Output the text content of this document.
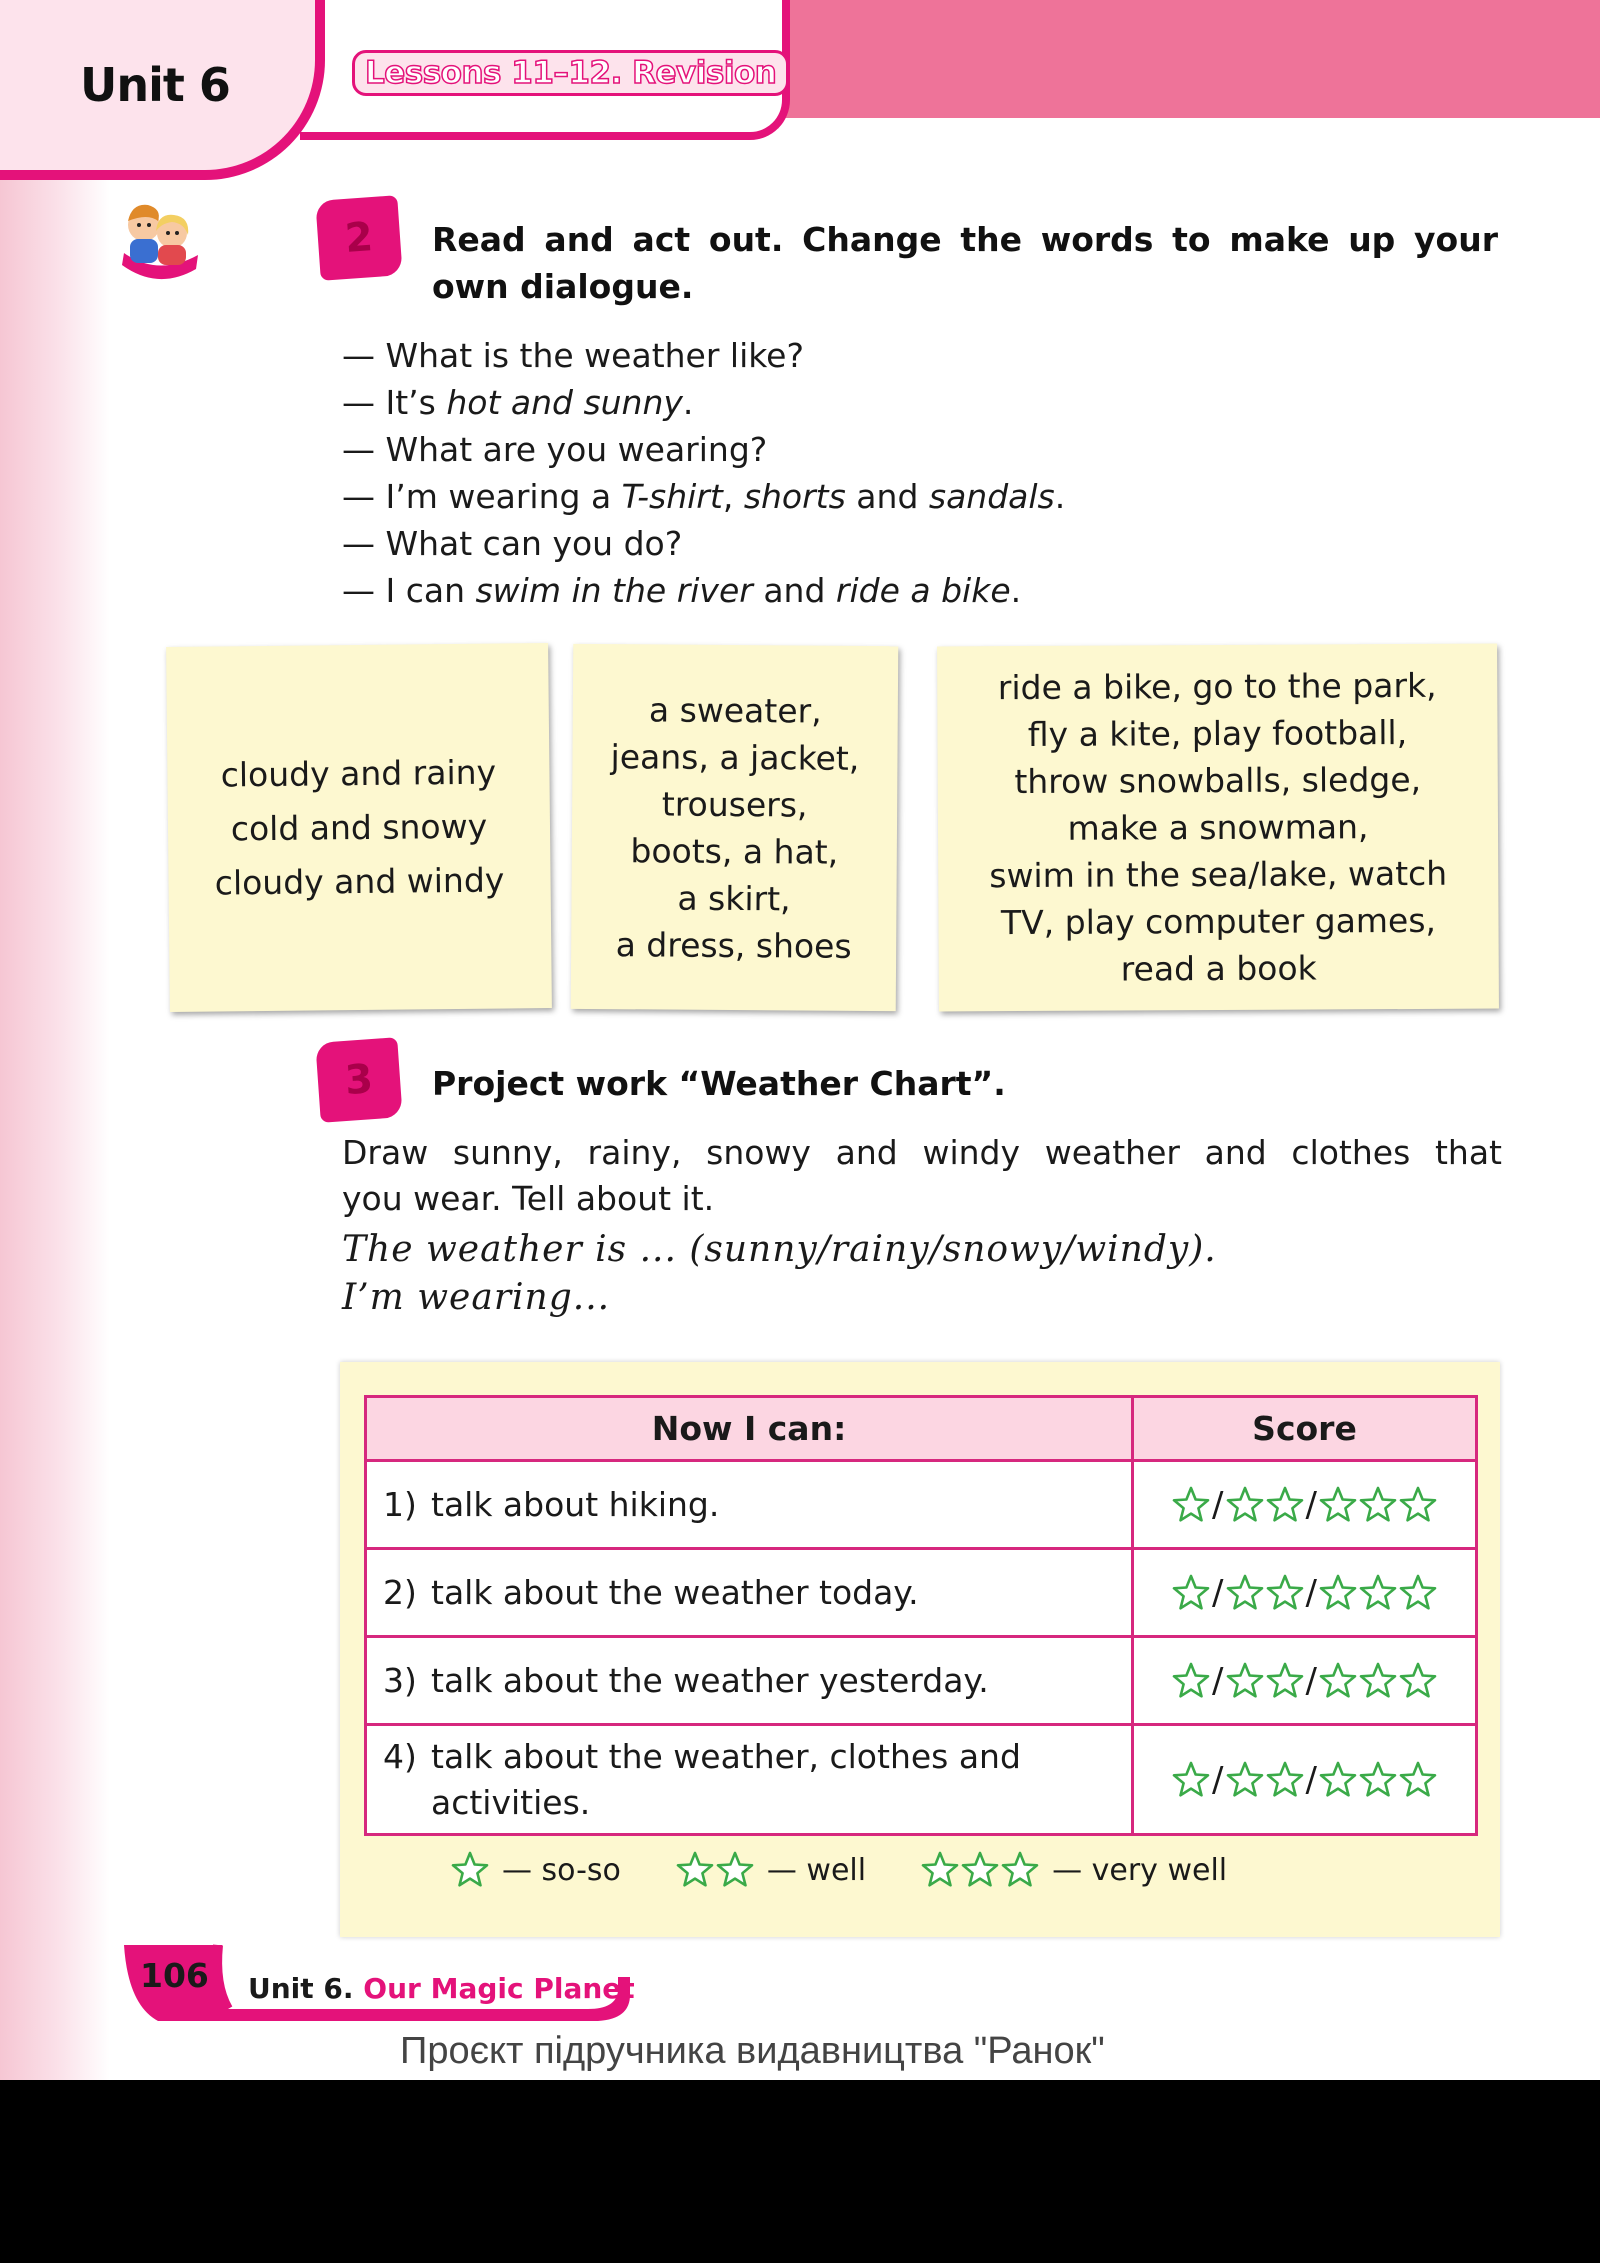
Unit 6	Lessons 11–12. Revision
2 Read and act out. Change the words to make up your
own dialogue.
— What is the weather like?
— It’s hot and sunny.
— What are you wearing?
— I’m wearing a T-shirt, shorts and sandals.
— What can you do?
— I can swim in the river and ride a bike.
cloudy and rainy
cold and snowy
cloudy and windy
a sweater,
jeans, a jacket,
trousers,
boots, a hat,
a skirt,
a dress, shoes
ride a bike, go to the park,
fly a kite, play football,
throw snowballs, sledge,
make a snowman,
swim in the sea/lake, watch
TV, play computer games,
read a book
3 Project work “Weather Chart”.
Draw sunny, rainy, snowy and windy weather and clothes that
you wear. Tell about it.
The weather is ... (sunny/rainy/snowy/windy).
I’m wearing...
Now I can:	Score

1) talk about hiking.	/ /

2) talk about the weather today.	/ /

3) talk about the weather yesterday.	/ /

4) talk about the weather, clothes and activities.	/ /
— so-so	— well	— very well
106 Unit 6. Our Magic Planet
Проєкт підручника видавництва "Ранок"
